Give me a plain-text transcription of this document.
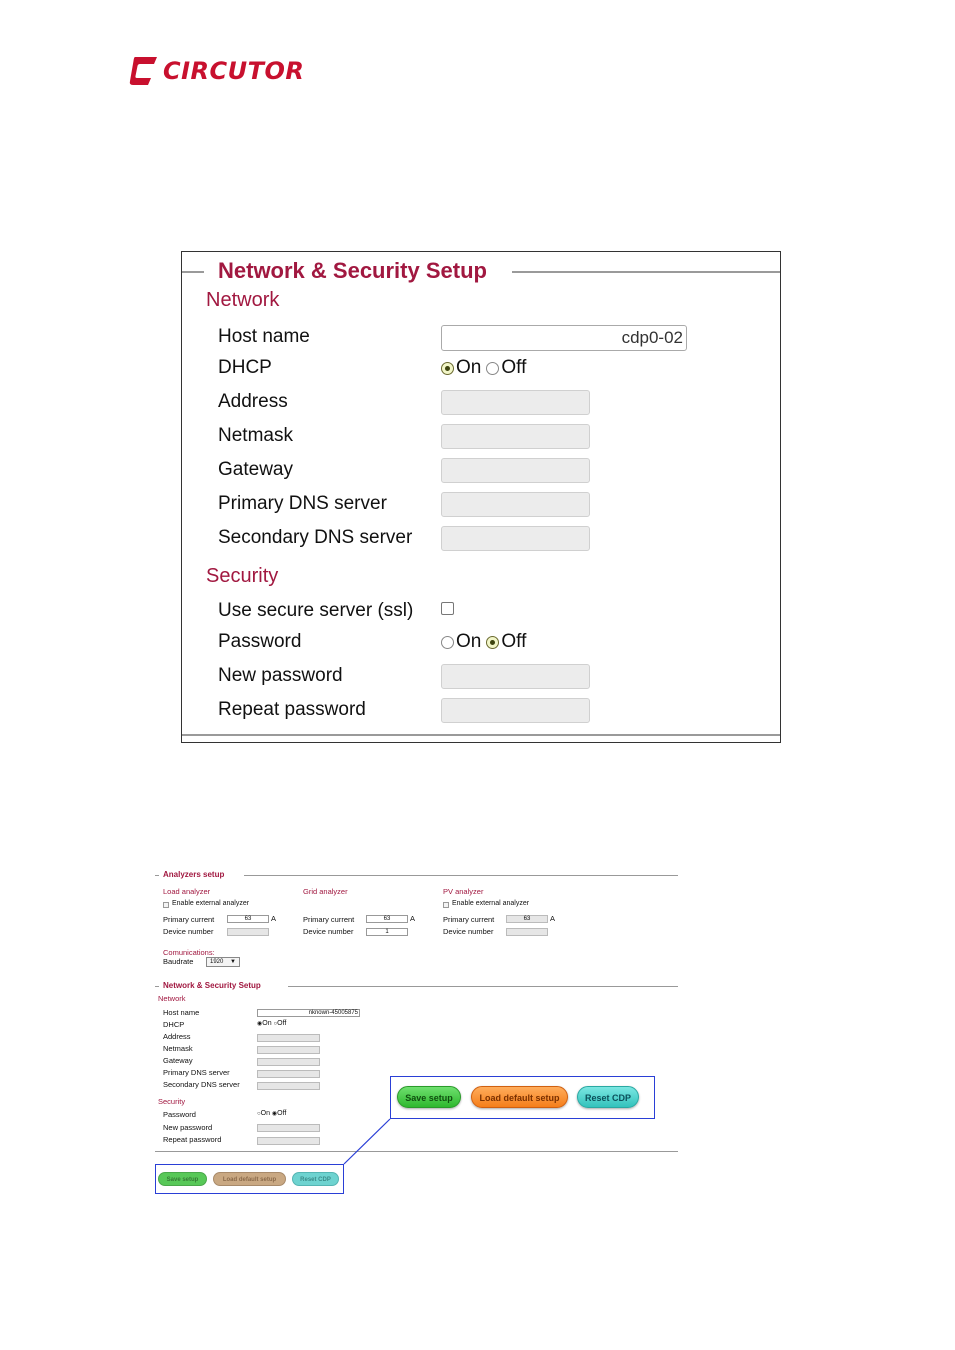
CIRCUTOR
Network & Security Setup
Network
Host name	cdp0-02
DHCP	On Off
Address
Netmask
Gateway
Primary DNS server
Secondary DNS server
Security
Use secure server (ssl)
Password	On Off
New password
Repeat password
Analyzers setup
Load analyzer
Enable external analyzer
Primary current	63	A
Device number
Grid analyzer
Primary current	63	A
Device number	1
PV analyzer
Enable external analyzer
Primary current	63	A
Device number
Comunications:
Baudrate	1920 ▼
Network & Security Setup
Network
Host name	nknown-45005875
DHCP	◉On ○Off
Address
Netmask
Gateway
Primary DNS server
Secondary DNS server
Security
Password	○On ◉Off
New password
Repeat password
Save setup	Load default setup	Reset CDP
Save setup	Load default setup	Reset CDP
